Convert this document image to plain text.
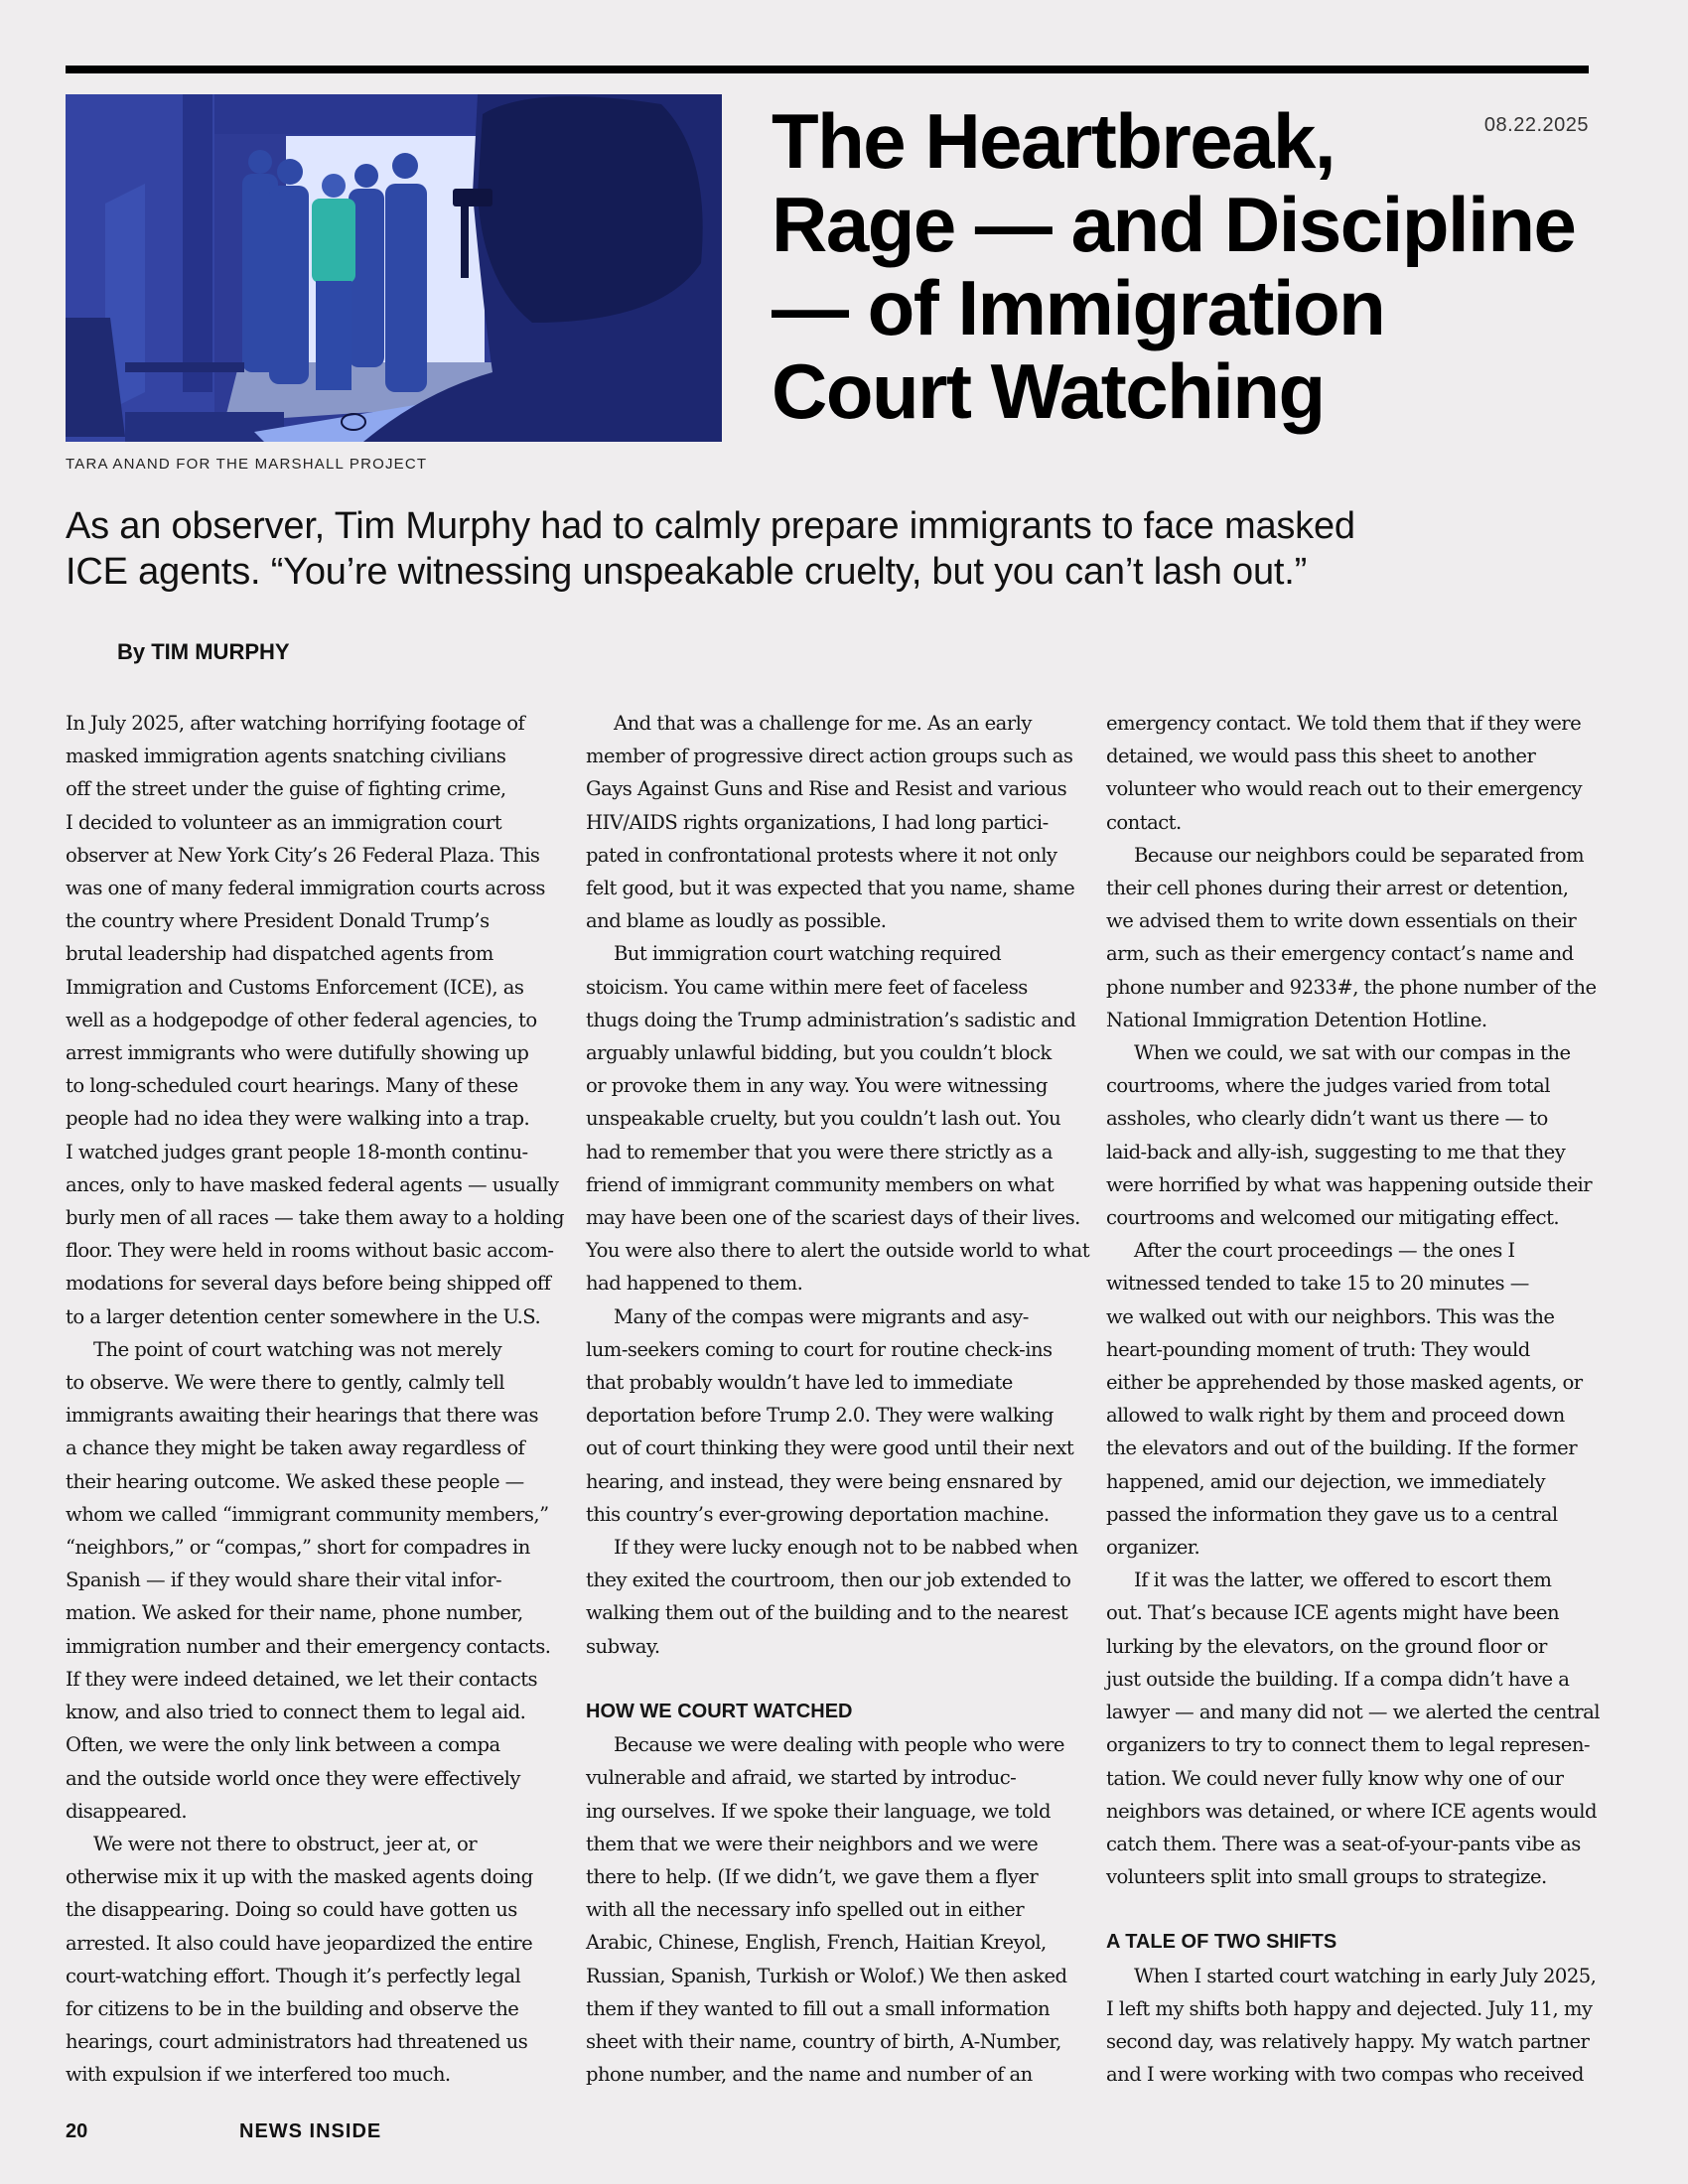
TARA ANAND FOR THE MARSHALL PROJECT
08.22.2025
The Heartbreak,
Rage — and Discipline
— of Immigration
Court Watching
As an observer, Tim Murphy had to calmly prepare immigrants to face masked
ICE agents. “You’re witnessing unspeakable cruelty, but you can’t lash out.”
By TIM MURPHY
In July 2025, after watching horrifying footage of
masked immigration agents snatching civilians
off the street under the guise of fighting crime,
I decided to volunteer as an immigration court
observer at New York City’s 26 Federal Plaza. This
was one of many federal immigration courts across
the country where President Donald Trump’s
brutal leadership had dispatched agents from
Immigration and Customs Enforcement (ICE), as
well as a hodgepodge of other federal agencies, to
arrest immigrants who were dutifully showing up
to long-scheduled court hearings. Many of these
people had no idea they were walking into a trap.
I watched judges grant people 18-month continu-
ances, only to have masked federal agents — usually
burly men of all races — take them away to a holding
floor. They were held in rooms without basic accom-
modations for several days before being shipped off
to a larger detention center somewhere in the U.S.
The point of court watching was not merely
to observe. We were there to gently, calmly tell
immigrants awaiting their hearings that there was
a chance they might be taken away regardless of
their hearing outcome. We asked these people —
whom we called “immigrant community members,”
“neighbors,” or “compas,” short for compadres in
Spanish — if they would share their vital infor-
mation. We asked for their name, phone number,
immigration number and their emergency contacts.
If they were indeed detained, we let their contacts
know, and also tried to connect them to legal aid.
Often, we were the only link between a compa
and the outside world once they were effectively
disappeared.
We were not there to obstruct, jeer at, or
otherwise mix it up with the masked agents doing
the disappearing. Doing so could have gotten us
arrested. It also could have jeopardized the entire
court-watching effort. Though it’s perfectly legal
for citizens to be in the building and observe the
hearings, court administrators had threatened us
with expulsion if we interfered too much.
And that was a challenge for me. As an early
member of progressive direct action groups such as
Gays Against Guns and Rise and Resist and various
HIV/AIDS rights organizations, I had long partici-
pated in confrontational protests where it not only
felt good, but it was expected that you name, shame
and blame as loudly as possible.
But immigration court watching required
stoicism. You came within mere feet of faceless
thugs doing the Trump administration’s sadistic and
arguably unlawful bidding, but you couldn’t block
or provoke them in any way. You were witnessing
unspeakable cruelty, but you couldn’t lash out. You
had to remember that you were there strictly as a
friend of immigrant community members on what
may have been one of the scariest days of their lives.
You were also there to alert the outside world to what
had happened to them.
Many of the compas were migrants and asy-
lum-seekers coming to court for routine check-ins
that probably wouldn’t have led to immediate
deportation before Trump 2.0. They were walking
out of court thinking they were good until their next
hearing, and instead, they were being ensnared by
this country’s ever-growing deportation machine.
If they were lucky enough not to be nabbed when
they exited the courtroom, then our job extended to
walking them out of the building and to the nearest
subway.
HOW WE COURT WATCHED
Because we were dealing with people who were
vulnerable and afraid, we started by introduc-
ing ourselves. If we spoke their language, we told
them that we were their neighbors and we were
there to help. (If we didn’t, we gave them a flyer
with all the necessary info spelled out in either
Arabic, Chinese, English, French, Haitian Kreyol,
Russian, Spanish, Turkish or Wolof.) We then asked
them if they wanted to fill out a small information
sheet with their name, country of birth, A-Number,
phone number, and the name and number of an
emergency contact. We told them that if they were
detained, we would pass this sheet to another
volunteer who would reach out to their emergency
contact.
Because our neighbors could be separated from
their cell phones during their arrest or detention,
we advised them to write down essentials on their
arm, such as their emergency contact’s name and
phone number and 9233#, the phone number of the
National Immigration Detention Hotline.
When we could, we sat with our compas in the
courtrooms, where the judges varied from total
assholes, who clearly didn’t want us there — to
laid-back and ally-ish, suggesting to me that they
were horrified by what was happening outside their
courtrooms and welcomed our mitigating effect.
After the court proceedings — the ones I
witnessed tended to take 15 to 20 minutes —
we walked out with our neighbors. This was the
heart-pounding moment of truth: They would
either be apprehended by those masked agents, or
allowed to walk right by them and proceed down
the elevators and out of the building. If the former
happened, amid our dejection, we immediately
passed the information they gave us to a central
organizer.
If it was the latter, we offered to escort them
out. That’s because ICE agents might have been
lurking by the elevators, on the ground floor or
just outside the building. If a compa didn’t have a
lawyer — and many did not — we alerted the central
organizers to try to connect them to legal represen-
tation. We could never fully know why one of our
neighbors was detained, or where ICE agents would
catch them. There was a seat-of-your-pants vibe as
volunteers split into small groups to strategize.
A TALE OF TWO SHIFTS
When I started court watching in early July 2025,
I left my shifts both happy and dejected. July 11, my
second day, was relatively happy. My watch partner
and I were working with two compas who received
20	NEWS INSIDE
